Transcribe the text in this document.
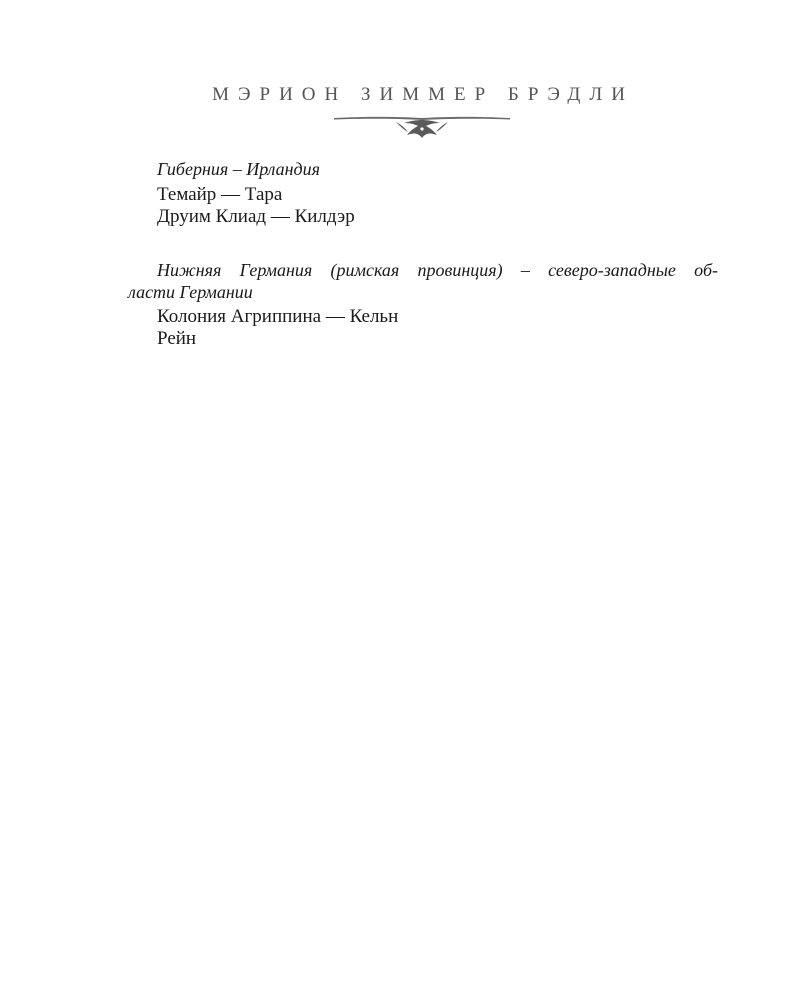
МЭРИОН ЗИММЕР БРЭДЛИ
Гиберния – Ирландия
Темайр — Тара
Друим Клиад — Килдэр
Нижняя Германия (римская провинция) – северо-западные об-
ласти Германии
Колония Агриппина — Кельн
Рейн
